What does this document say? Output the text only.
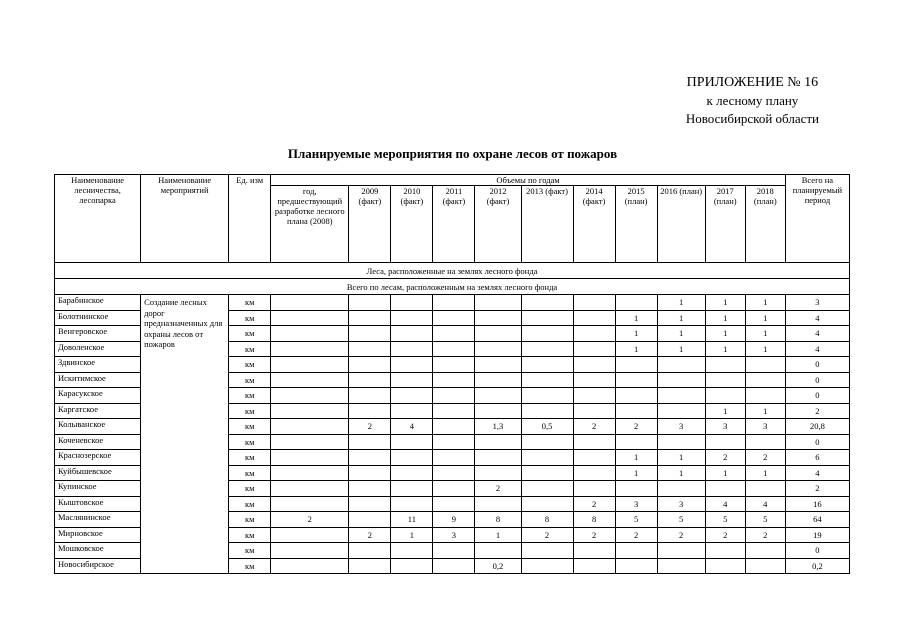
ПРИЛОЖЕНИЕ № 16
к лесному плану
Новосибирской области
Планируемые мероприятия по охране лесов от пожаров
Наименование лесничества, лесопарка	Наименование мероприятий	Ед. изм	Объемы по годам											Всего на планируемый период
			год, предшествующий разработке лесного плана (2008)	2009 (факт)	2010 (факт)	2011 (факт)	2012 (факт)	2013 (факт)	2014 (факт)	2015 (план)	2016 (план)	2017 (план)	2018 (план)	
Леса, расположенные на землях лесного фонда														
Всего по лесам, расположенным на землях лесного фонда														
Барабинское	Создание лесных дорог предназначенных для охраны лесов от пожаров	км									1	1	1	3
Болотнинское		км								1	1	1	1	4
Венгеровское		км								1	1	1	1	4
Доволенское		км								1	1	1	1	4
Здвинское		км												0
Искитимское		км												0
Карасукское		км												0
Каргатское		км										1	1	2
Колыванское		км		2	4		1,3	0,5	2	2	3	3	3	20,8
Коченевское		км												0
Краснозерское		км								1	1	2	2	6
Куйбышевское		км								1	1	1	1	4
Купинское		км					2							2
Кыштовское		км							2	3	3	4	4	16
Маслянинское		км	2		11	9	8	8	8	5	5	5	5	64
Мирновское		км		2	1	3	1	2	2	2	2	2	2	19
Мошковское		км												0
Новосибирское		км					0,2							0,2
